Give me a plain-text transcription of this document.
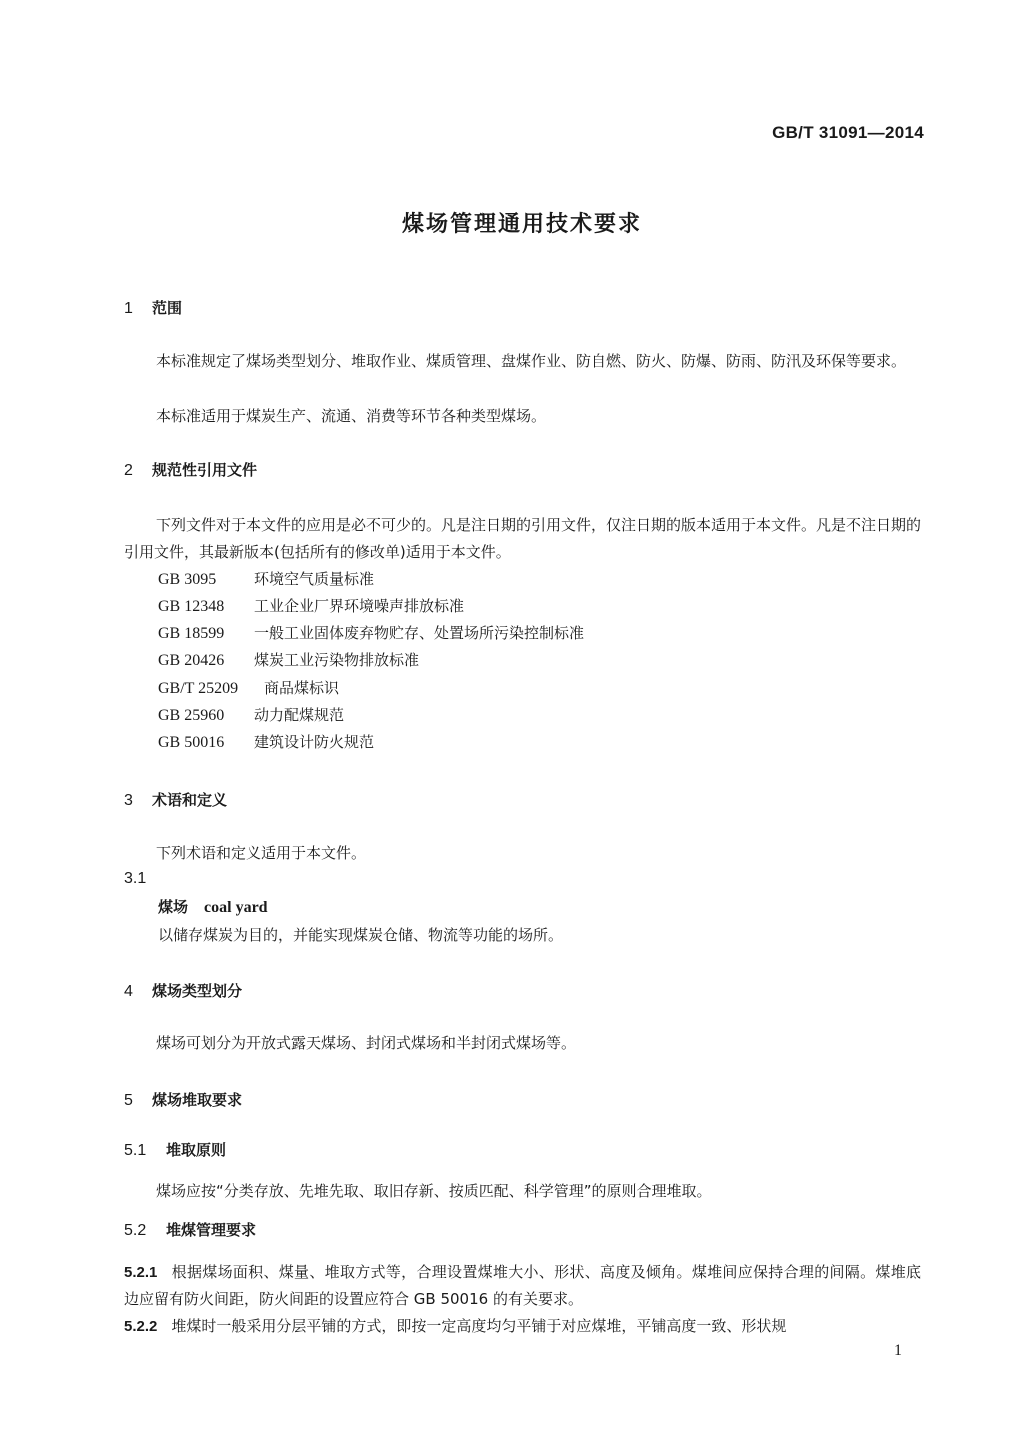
GB/T 31091—2014
煤场管理通用技术要求
1 范围
本标准规定了煤场类型划分、堆取作业、煤质管理、盘煤作业、防自燃、防火、防爆、防雨、防汛及环保等要求。
本标准适用于煤炭生产、流通、消费等环节各种类型煤场。
2 规范性引用文件
下列文件对于本文件的应用是必不可少的。凡是注日期的引用文件，仅注日期的版本适用于本文件。凡是不注日期的引用文件，其最新版本(包括所有的修改单)适用于本文件。
GB 3095	环境空气质量标准
GB 12348 工业企业厂界环境噪声排放标准
GB 18599 一般工业固体废弃物贮存、处置场所污染控制标准
GB 20426 煤炭工业污染物排放标准
GB/T 25209 商品煤标识
GB 25960 动力配煤规范
GB 50016 建筑设计防火规范
3 术语和定义
下列术语和定义适用于本文件。
3.1
煤场 coal yard
以储存煤炭为目的，并能实现煤炭仓储、物流等功能的场所。
4 煤场类型划分
煤场可划分为开放式露天煤场、封闭式煤场和半封闭式煤场等。
5 煤场堆取要求
5.1 堆取原则
煤场应按“分类存放、先堆先取、取旧存新、按质匹配、科学管理”的原则合理堆取。
5.2 堆煤管理要求
5.2.1 根据煤场面积、煤量、堆取方式等，合理设置煤堆大小、形状、高度及倾角。煤堆间应保持合理的间隔。煤堆底边应留有防火间距，防火间距的设置应符合 GB 50016 的有关要求。
5.2.2 堆煤时一般采用分层平铺的方式，即按一定高度均匀平铺于对应煤堆，平铺高度一致、形状规
1
